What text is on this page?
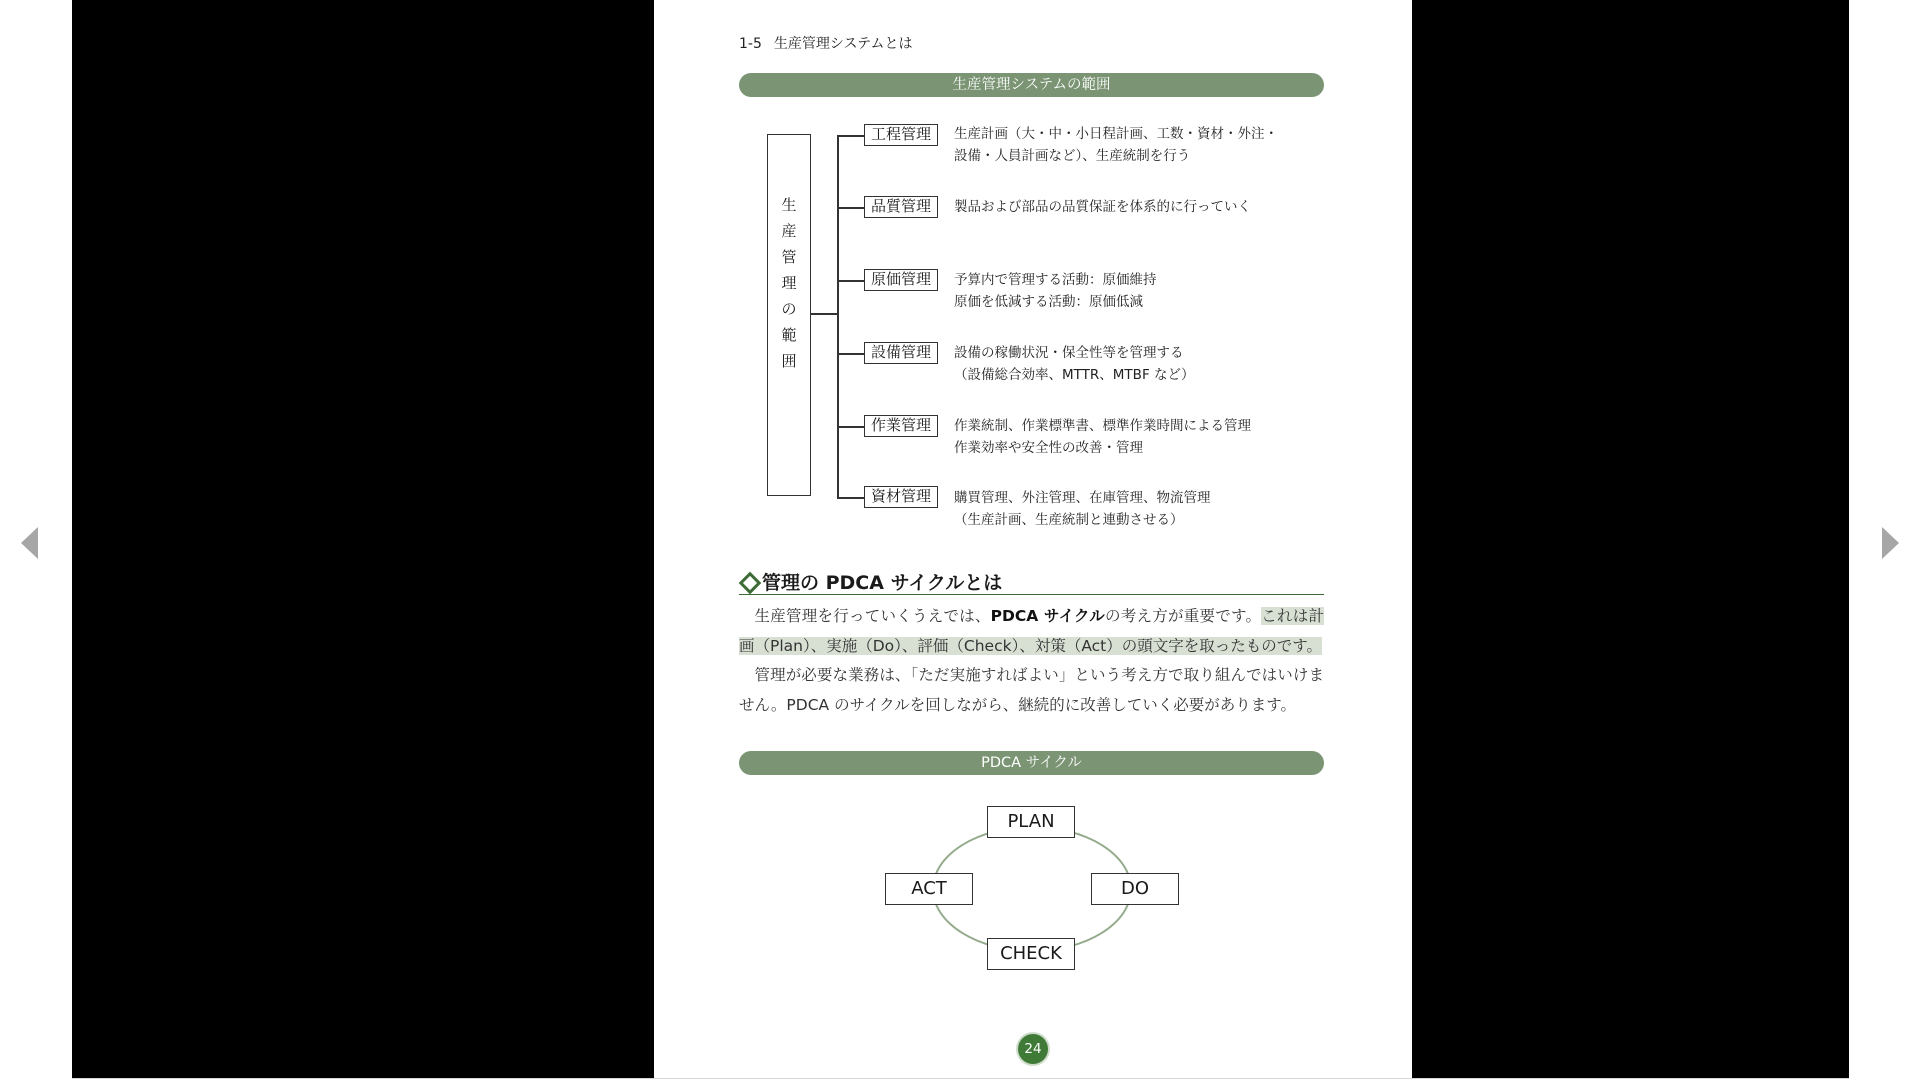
1-5 生産管理システムとは
生産管理システムの範囲
生
産
管
理
の
範
囲
工程管理	生産計画（大・中・小日程計画、工数・資材・外注・
設備・人員計画など）、生産統制を行う
品質管理	製品および部品の品質保証を体系的に行っていく
原価管理	予算内で管理する活動：原価維持
原価を低減する活動：原価低減
設備管理	設備の稼働状況・保全性等を管理する
（設備総合効率、MTTR、MTBF など）
作業管理	作業統制、作業標準書、標準作業時間による管理
作業効率や安全性の改善・管理
資材管理	購買管理、外注管理、在庫管理、物流管理
（生産計画、生産統制と連動させる）
管理の PDCA サイクルとは
生産管理を行っていくうえでは、PDCA サイクルの考え方が重要です。これは計画（Plan）、実施（Do）、評価（Check）、対策（Act）の頭文字を取ったものです。
管理が必要な業務は、「ただ実施すればよい」という考え方で取り組んではいけません。PDCA のサイクルを回しながら、継続的に改善していく必要があります。
PDCA サイクル
PLAN
DO
ACT
CHECK
24
